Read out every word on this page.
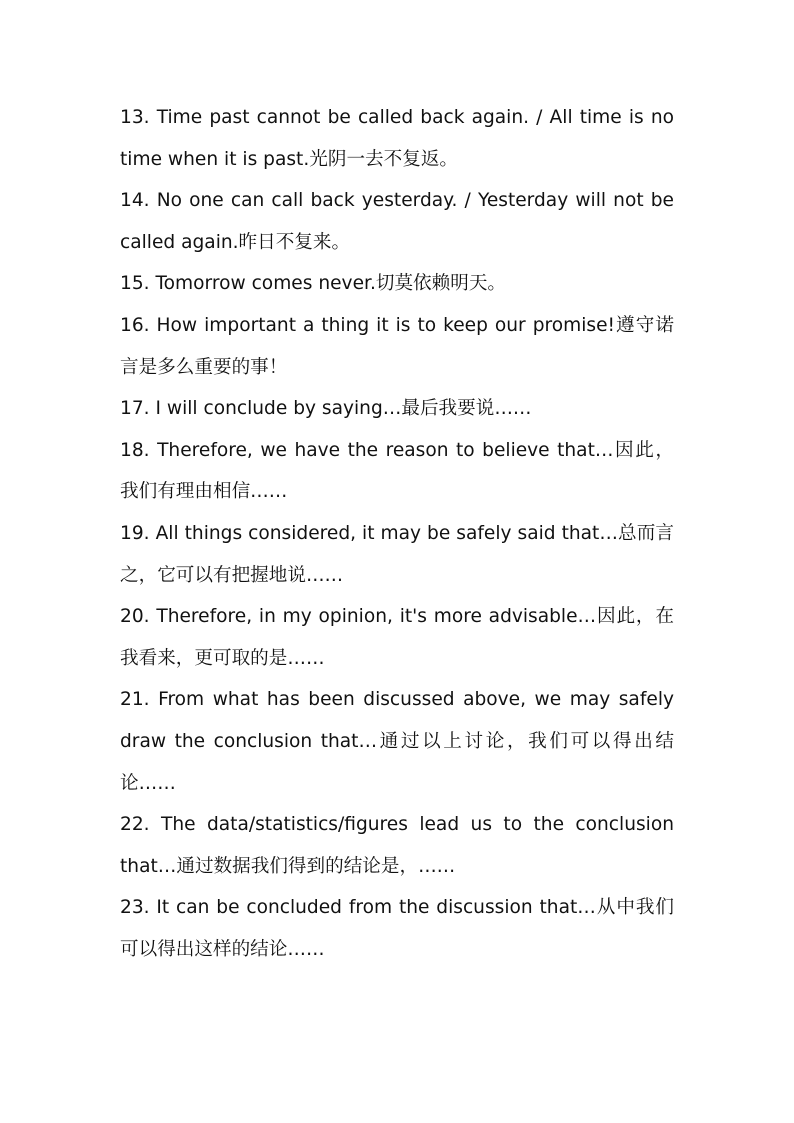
13. Time past cannot be called back again. / All time is no time when it is past.光阴一去不复返。

14. No one can call back yesterday. / Yesterday will not be called again.昨日不复来。

15. Tomorrow comes never.切莫依赖明天。

16. How important a thing it is to keep our promise!遵守诺言是多么重要的事！

17. I will conclude by saying…最后我要说……

18. Therefore, we have the reason to believe that…因此，我们有理由相信……

19. All things considered, it may be safely said that…总而言之，它可以有把握地说……

20. Therefore, in my opinion, it's more advisable…因此，在我看来，更可取的是……

21. From what has been discussed above, we may safely draw the conclusion that…通过以上讨论，我们可以得出结论……

22. The data/statistics/figures lead us to the conclusion that…通过数据我们得到的结论是，……

23. It can be concluded from the discussion that…从中我们可以得出这样的结论……
